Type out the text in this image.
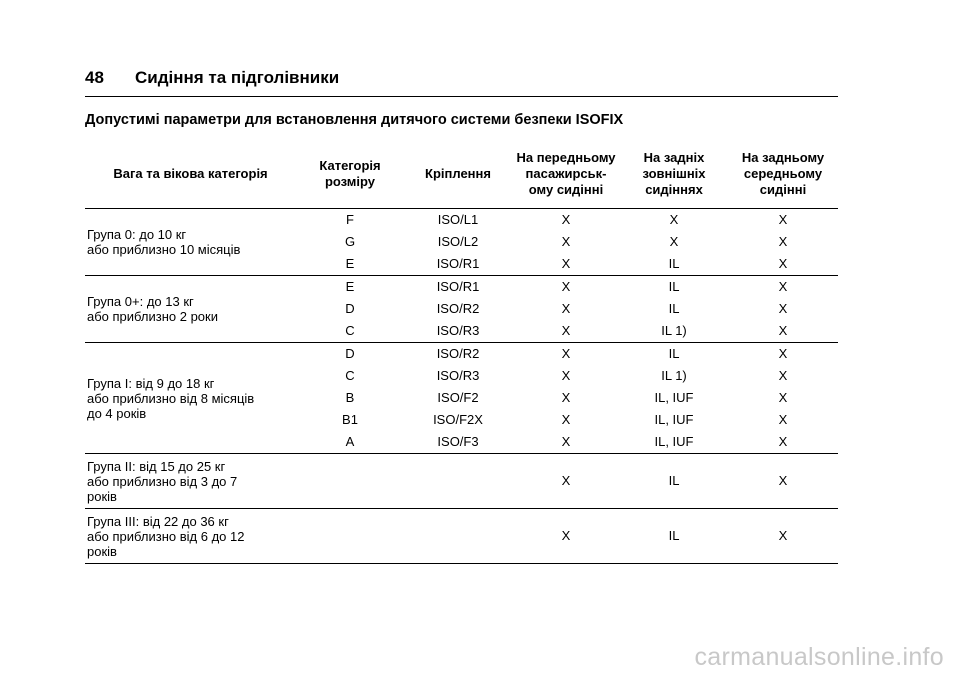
48 Сидіння та підголівники
Допустимі параметри для встановлення дитячого системи безпеки ISOFIX
Вага та вікова категорія	Категорія розміру	Кріплення	На передньому пасажирськ-ому сидінні	На задніх зовнішніх сидіннях	На задньому середньому сидінні

Група 0: до 10 кг
або приблизно 10 місяців	F	ISO/L1	X	X	X
	G	ISO/L2	X	X	X
	E	ISO/R1	X	IL	X

Група 0+: до 13 кг
або приблизно 2 роки	E	ISO/R1	X	IL	X
	D	ISO/R2	X	IL	X
	C	ISO/R3	X	IL 1)	X

Група I: від 9 до 18 кг
або приблизно від 8 місяців
до 4 років	D	ISO/R2	X	IL	X
	C	ISO/R3	X	IL 1)	X
	B	ISO/F2	X	IL, IUF	X
	B1	ISO/F2X	X	IL, IUF	X
	A	ISO/F3	X	IL, IUF	X

Група II: від 15 до 25 кг
або приблизно від 3 до 7
років			X	IL	X

Група III: від 22 до 36 кг
або приблизно від 6 до 12
років			X	IL	X
carmanualsonline.info
